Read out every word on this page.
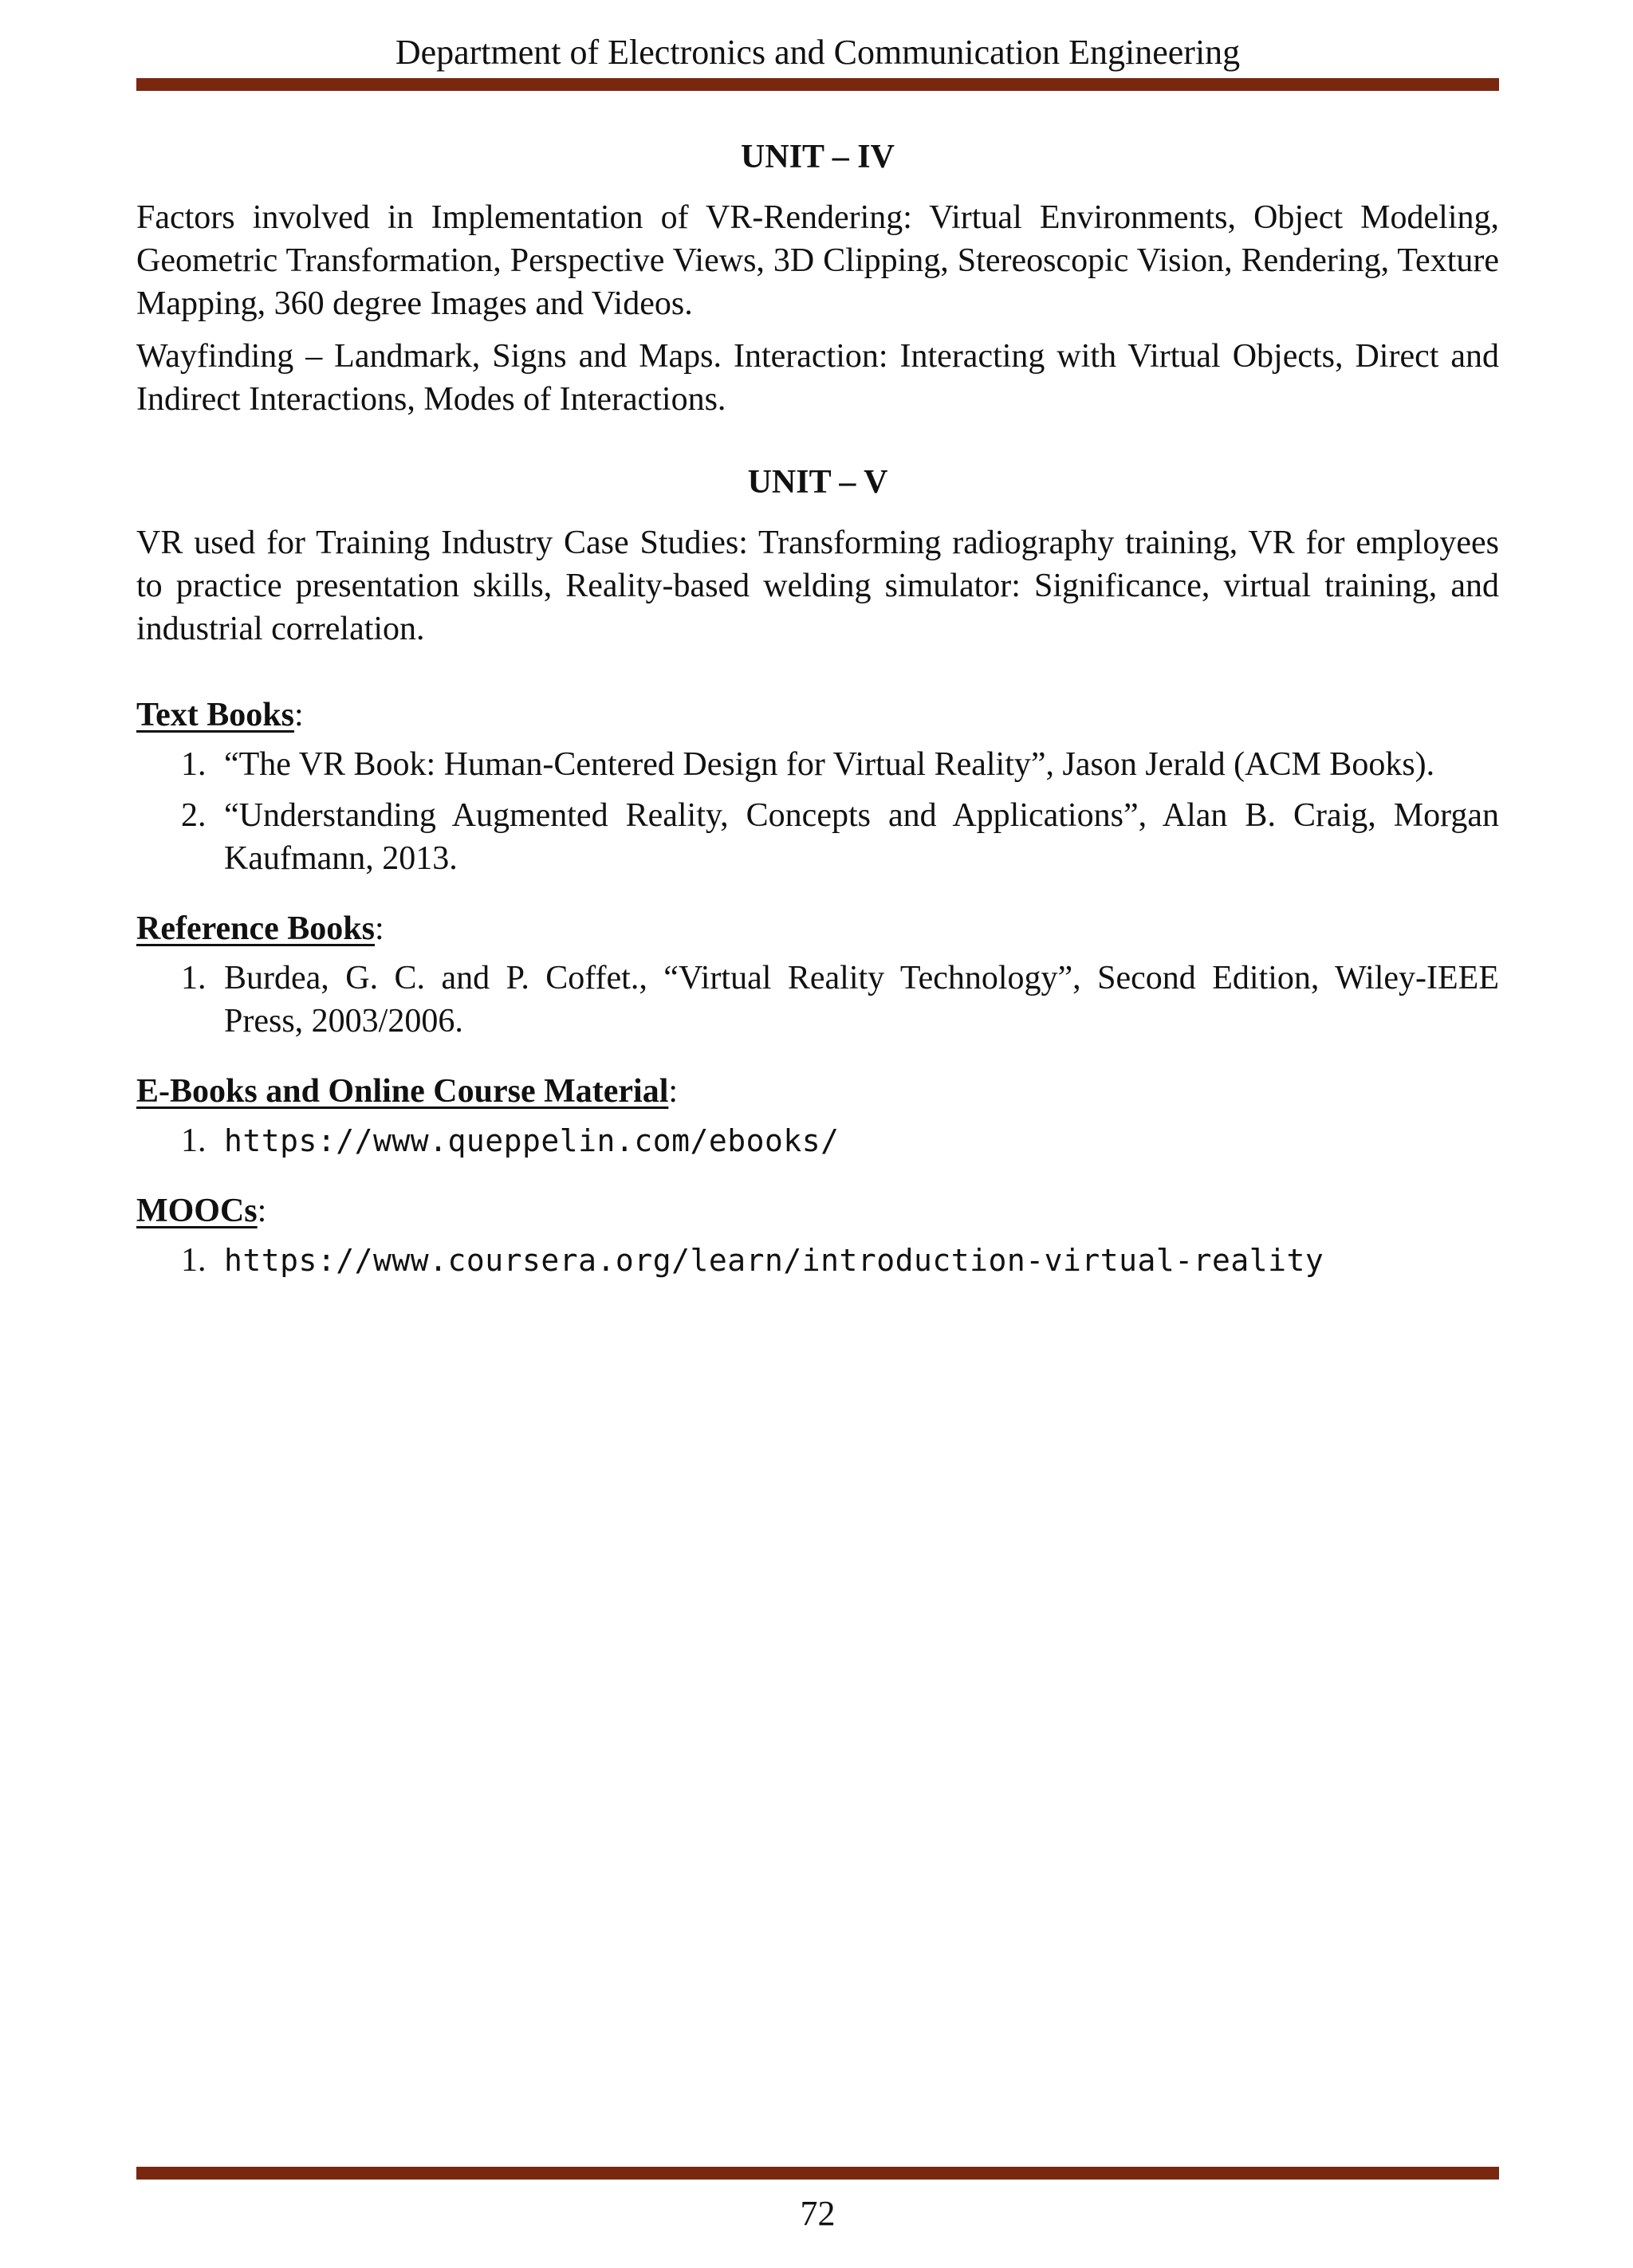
Department of Electronics and Communication Engineering
UNIT – IV

Factors involved in Implementation of VR-Rendering: Virtual Environments, Object Modeling, Geometric Transformation, Perspective Views, 3D Clipping, Stereoscopic Vision, Rendering, Texture Mapping, 360 degree Images and Videos.

Wayfinding – Landmark, Signs and Maps. Interaction: Interacting with Virtual Objects, Direct and Indirect Interactions, Modes of Interactions.

UNIT – V

VR used for Training Industry Case Studies: Transforming radiography training, VR for employees to practice presentation skills, Reality-based welding simulator: Significance, virtual training, and industrial correlation.

Text Books:
1. “The VR Book: Human-Centered Design for Virtual Reality”, Jason Jerald (ACM Books).
2. “Understanding Augmented Reality, Concepts and Applications”, Alan B. Craig, Morgan Kaufmann, 2013.
Reference Books:
1. Burdea, G. C. and P. Coffet., “Virtual Reality Technology”, Second Edition, Wiley-IEEE Press, 2003/2006.
E-Books and Online Course Material:
1. https://www.queppelin.com/ebooks/
MOOCs:
1. https://www.coursera.org/learn/introduction-virtual-reality
72
